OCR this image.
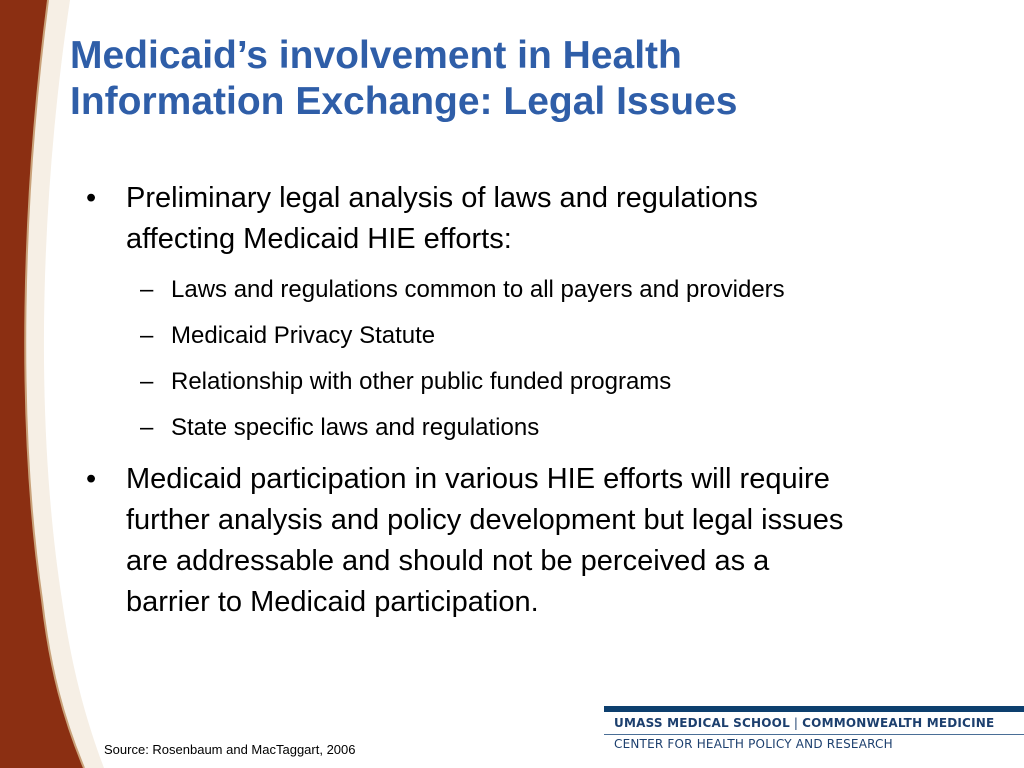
Medicaid’s involvement in Health
Information Exchange: Legal Issues
• Preliminary legal analysis of laws and regulations
affecting Medicaid HIE efforts:
– Laws and regulations common to all payers and providers
– Medicaid Privacy Statute
– Relationship with other public funded programs
– State specific laws and regulations
• Medicaid participation in various HIE efforts will require
further analysis and policy development but legal issues
are addressable and should not be perceived as a
barrier to Medicaid participation.
Source: Rosenbaum and MacTaggart, 2006
UMASS MEDICAL SCHOOL | COMMONWEALTH MEDICINE
CENTER FOR HEALTH POLICY AND RESEARCH
